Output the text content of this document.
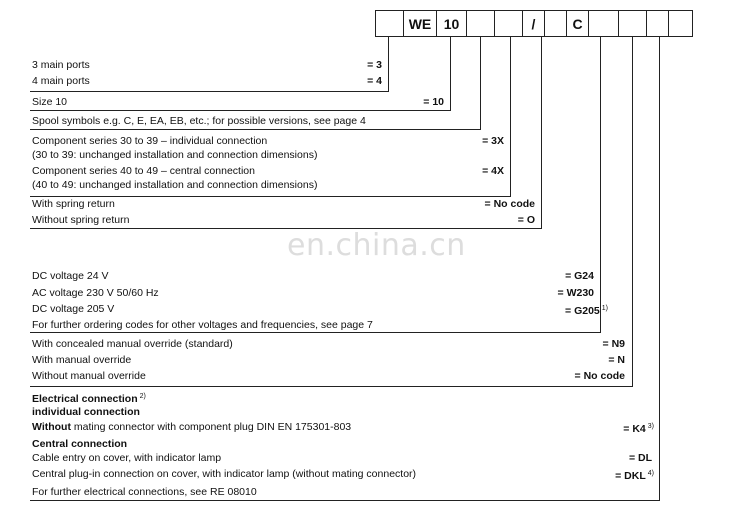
WE 10	/	C
en.china.cn
3 main ports	= 3
4 main ports	= 4
Size 10	= 10
Spool symbols e.g. C, E, EA, EB, etc.; for possible versions, see page 4
Component series 30 to 39 – individual connection	= 3X
(30 to 39: unchanged installation and connection dimensions)
Component series 40 to 49 – central connection	= 4X
(40 to 49: unchanged installation and connection dimensions)
With spring return	= No code
Without spring return	= O
DC voltage 24 V	= G24
AC voltage 230 V 50/60 Hz	= W230
DC voltage 205 V	= G205 $^{1)}$
For further ordering codes for other voltages and frequencies, see page 7
With concealed manual override (standard)	= N9
With manual override	= N
Without manual override	= No code
Electrical connection $^{2)}$
individual connection
Without mating connector with component plug DIN EN 175301-803	= K4 $^{3)}$
Central connection
Cable entry on cover, with indicator lamp	= DL
Central plug-in connection on cover, with indicator lamp (without mating connector)	= DKL $^{4)}$
For further electrical connections, see RE 08010
